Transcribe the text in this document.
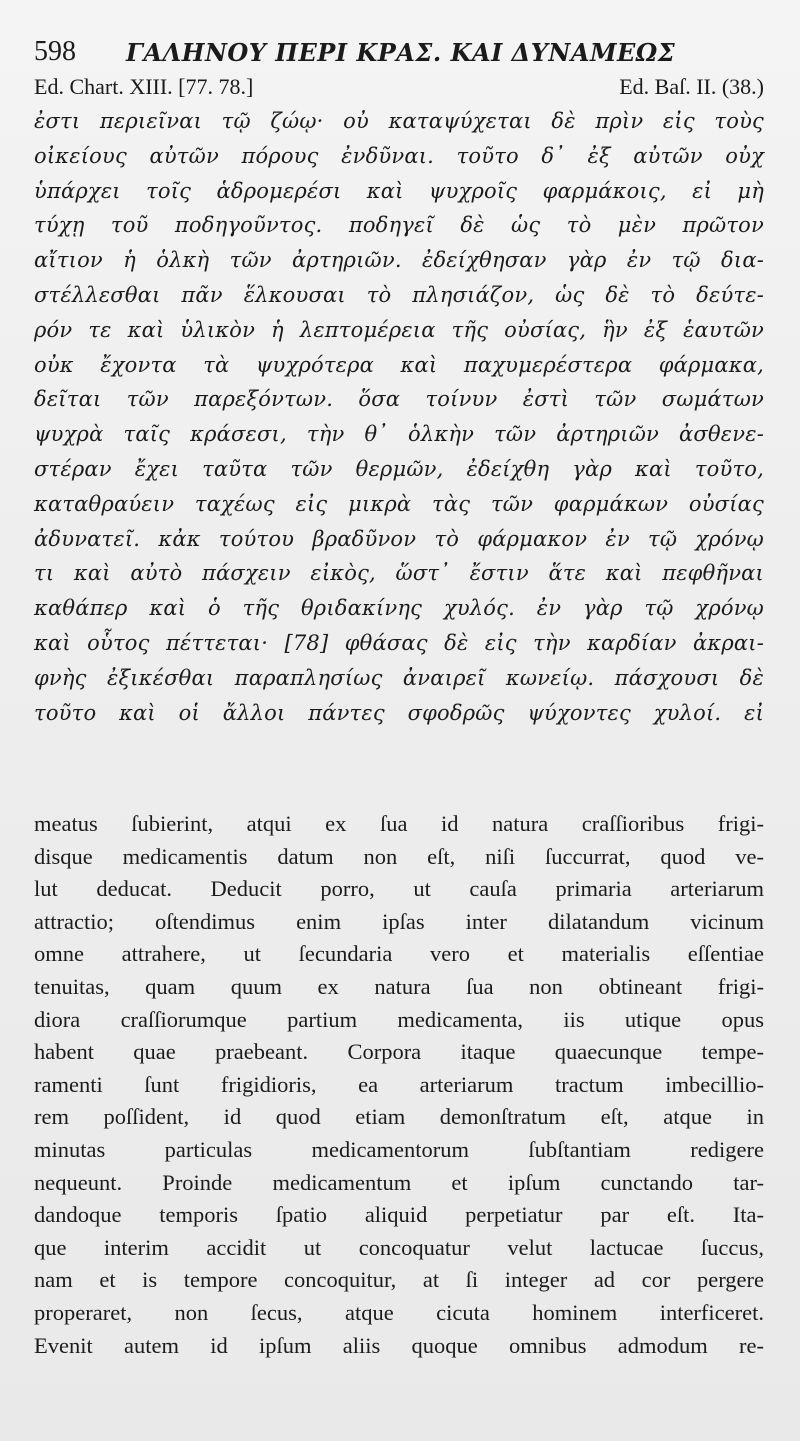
598 ΓΑΛΗΝΟΥ ΠΕΡΙ ΚΡΑΣ. ΚΑΙ ΔΥΝΑΜΕΩΣ
Ed. Chart. XIII. [77. 78.]	Ed. Baſ. II. (38.)
ἐστι περιεῖναι τῷ ζώῳ· οὐ καταψύχεται δὲ πρὶν εἰς τοὺς
οἰκείους αὐτῶν πόρους ἐνδῦναι. τοῦτο δ᾽ ἐξ αὐτῶν οὐχ
ὑπάρχει τοῖς ἁδρομερέσι καὶ ψυχροῖς φαρμάκοις, εἰ μὴ
τύχῃ τοῦ ποδηγοῦντος. ποδηγεῖ δὲ ὡς τὸ μὲν πρῶτον
αἴτιον ἡ ὁλκὴ τῶν ἀρτηριῶν. ἐδείχθησαν γὰρ ἐν τῷ δια-
στέλλεσθαι πᾶν ἕλκουσαι τὸ πλησιάζον, ὡς δὲ τὸ δεύτε-
ρόν τε καὶ ὑλικὸν ἡ λεπτομέρεια τῆς οὐσίας, ἣν ἐξ ἑαυτῶν
οὐκ ἔχοντα τὰ ψυχρότερα καὶ παχυμερέστερα φάρμακα,
δεῖται τῶν παρεξόντων. ὅσα τοίνυν ἐστὶ τῶν σωμάτων
ψυχρὰ ταῖς κράσεσι, τὴν θ᾽ ὁλκὴν τῶν ἀρτηριῶν ἀσθενε-
στέραν ἔχει ταῦτα τῶν θερμῶν, ἐδείχθη γὰρ καὶ τοῦτο,
καταθραύειν ταχέως εἰς μικρὰ τὰς τῶν φαρμάκων οὐσίας
ἀδυνατεῖ. κἀκ τούτου βραδῦνον τὸ φάρμακον ἐν τῷ χρόνῳ
τι καὶ αὐτὸ πάσχειν εἰκὸς, ὥστ᾽ ἔστιν ἅτε καὶ πεφθῆναι
καθάπερ καὶ ὁ τῆς θριδακίνης χυλός. ἐν γὰρ τῷ χρόνῳ
καὶ οὗτος πέττεται· [78] φθάσας δὲ εἰς τὴν καρδίαν ἀκραι-
φνὴς ἐξικέσθαι παραπλησίως ἀναιρεῖ κωνείῳ. πάσχουσι δὲ
τοῦτο καὶ οἱ ἄλλοι πάντες σφοδρῶς ψύχοντες χυλοί. εἰ
meatus ſubierint, atqui ex ſua id natura craſſioribus frigi-
disque medicamentis datum non eſt, niſi ſuccurrat, quod ve-
lut deducat. Deducit porro, ut cauſa primaria arteriarum
attractio; oſtendimus enim ipſas inter dilatandum vicinum
omne attrahere, ut ſecundaria vero et materialis eſſentiae
tenuitas, quam quum ex natura ſua non obtineant frigi-
diora craſſiorumque partium medicamenta, iis utique opus
habent quae praebeant. Corpora itaque quaecunque tempe-
ramenti ſunt frigidioris, ea arteriarum tractum imbecillio-
rem poſſident, id quod etiam demonſtratum eſt, atque in
minutas particulas medicamentorum ſubſtantiam redigere
nequeunt. Proinde medicamentum et ipſum cunctando tar-
dandoque temporis ſpatio aliquid perpetiatur par eſt. Ita-
que interim accidit ut concoquatur velut lactucae ſuccus,
nam et is tempore concoquitur, at ſi integer ad cor pergere
properaret, non ſecus, atque cicuta hominem interficeret.
Evenit autem id ipſum aliis quoque omnibus admodum re-
